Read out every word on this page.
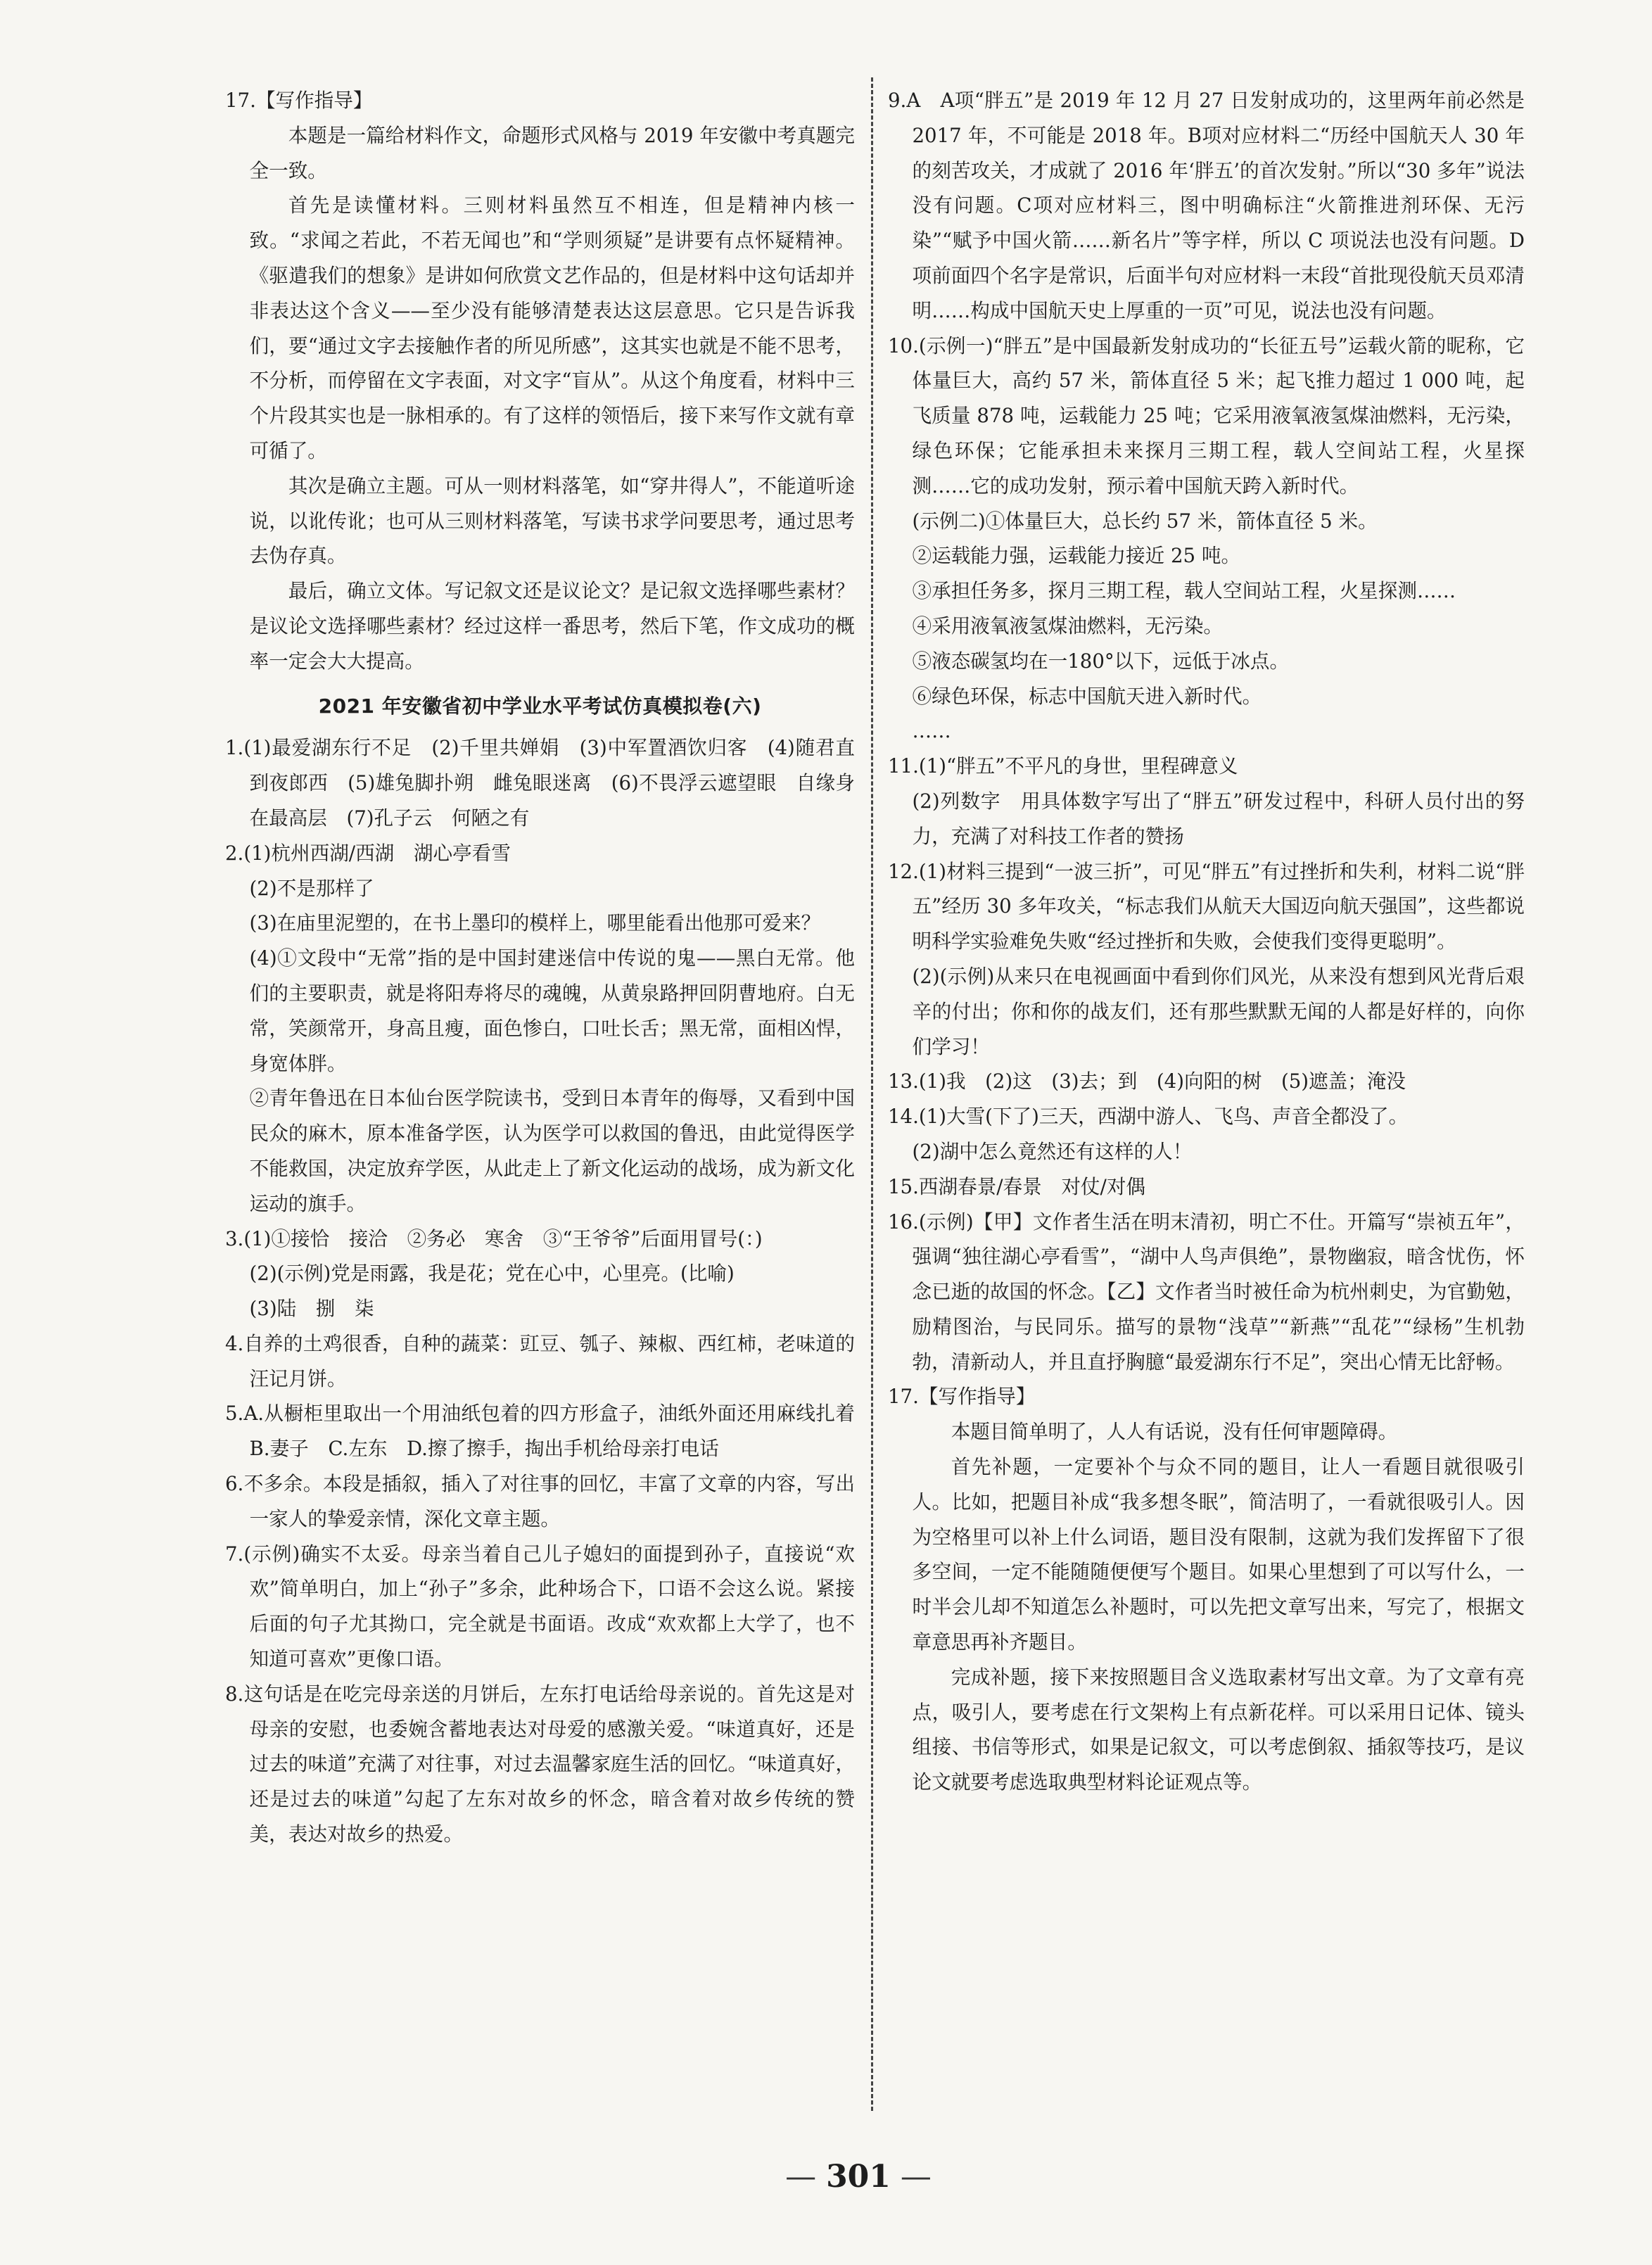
17.【写作指导】

本题是一篇给材料作文，命题形式风格与 2019 年安徽中考真题完全一致。

首先是读懂材料。三则材料虽然互不相连，但是精神内核一致。“求闻之若此，不若无闻也”和“学则须疑”是讲要有点怀疑精神。《驱遣我们的想象》是讲如何欣赏文艺作品的，但是材料中这句话却并非表达这个含义——至少没有能够清楚表达这层意思。它只是告诉我们，要“通过文字去接触作者的所见所感”，这其实也就是不能不思考，不分析，而停留在文字表面，对文字“盲从”。从这个角度看，材料中三个片段其实也是一脉相承的。有了这样的领悟后，接下来写作文就有章可循了。

其次是确立主题。可从一则材料落笔，如“穿井得人”，不能道听途说，以讹传讹；也可从三则材料落笔，写读书求学问要思考，通过思考去伪存真。

最后，确立文体。写记叙文还是议论文？是记叙文选择哪些素材？是议论文选择哪些素材？经过这样一番思考，然后下笔，作文成功的概率一定会大大提高。

2021 年安徽省初中学业水平考试仿真模拟卷(六)

1.(1)最爱湖东行不足　(2)千里共婵娟　(3)中军置酒饮归客　(4)随君直到夜郎西　(5)雄兔脚扑朔　雌兔眼迷离　(6)不畏浮云遮望眼　自缘身在最高层　(7)孔子云　何陋之有

2.(1)杭州西湖/西湖　湖心亭看雪

(2)不是那样了

(3)在庙里泥塑的，在书上墨印的模样上，哪里能看出他那可爱来？

(4)①文段中“无常”指的是中国封建迷信中传说的鬼——黑白无常。他们的主要职责，就是将阳寿将尽的魂魄，从黄泉路押回阴曹地府。白无常，笑颜常开，身高且瘦，面色惨白，口吐长舌；黑无常，面相凶悍，身宽体胖。

②青年鲁迅在日本仙台医学院读书，受到日本青年的侮辱，又看到中国民众的麻木，原本准备学医，认为医学可以救国的鲁迅，由此觉得医学不能救国，决定放弃学医，从此走上了新文化运动的战场，成为新文化运动的旗手。

3.(1)①接恰　接洽　②务必　寒舍　③“王爷爷”后面用冒号(：)

(2)(示例)党是雨露，我是花；党在心中，心里亮。(比喻)

(3)陆　捌　柒

4.自养的土鸡很香，自种的蔬菜：豇豆、瓠子、辣椒、西红柿，老味道的汪记月饼。

5.A.从橱柜里取出一个用油纸包着的四方形盒子，油纸外面还用麻线扎着　B.妻子　C.左东　D.擦了擦手，掏出手机给母亲打电话

6.不多余。本段是插叙，插入了对往事的回忆，丰富了文章的内容，写出一家人的挚爱亲情，深化文章主题。

7.(示例)确实不太妥。母亲当着自己儿子媳妇的面提到孙子，直接说“欢欢”简单明白，加上“孙子”多余，此种场合下，口语不会这么说。紧接后面的句子尤其拗口，完全就是书面语。改成“欢欢都上大学了，也不知道可喜欢”更像口语。

8.这句话是在吃完母亲送的月饼后，左东打电话给母亲说的。首先这是对母亲的安慰，也委婉含蓄地表达对母爱的感激关爱。“味道真好，还是过去的味道”充满了对往事，对过去温馨家庭生活的回忆。“味道真好，还是过去的味道”勾起了左东对故乡的怀念，暗含着对故乡传统的赞美，表达对故乡的热爱。

9.A　A项“胖五”是 2019 年 12 月 27 日发射成功的，这里两年前必然是 2017 年，不可能是 2018 年。B项对应材料二“历经中国航天人 30 年的刻苦攻关，才成就了 2016 年‘胖五’的首次发射。”所以“30 多年”说法没有问题。C项对应材料三，图中明确标注“火箭推进剂环保、无污染”“赋予中国火箭……新名片”等字样，所以 C 项说法也没有问题。D项前面四个名字是常识，后面半句对应材料一末段“首批现役航天员邓清明……构成中国航天史上厚重的一页”可见，说法也没有问题。

10.(示例一)“胖五”是中国最新发射成功的“长征五号”运载火箭的昵称，它体量巨大，高约 57 米，箭体直径 5 米；起飞推力超过 1 000 吨，起飞质量 878 吨，运载能力 25 吨；它采用液氧液氢煤油燃料，无污染，绿色环保；它能承担未来探月三期工程，载人空间站工程，火星探测……它的成功发射，预示着中国航天跨入新时代。

(示例二)①体量巨大，总长约 57 米，箭体直径 5 米。

②运载能力强，运载能力接近 25 吨。

③承担任务多，探月三期工程，载人空间站工程，火星探测……

④采用液氧液氢煤油燃料，无污染。

⑤液态碳氢均在一180°以下，远低于冰点。

⑥绿色环保，标志中国航天进入新时代。

……

11.(1)“胖五”不平凡的身世，里程碑意义

(2)列数字　用具体数字写出了“胖五”研发过程中，科研人员付出的努力，充满了对科技工作者的赞扬

12.(1)材料三提到“一波三折”，可见“胖五”有过挫折和失利，材料二说“胖五”经历 30 多年攻关，“标志我们从航天大国迈向航天强国”，这些都说明科学实验难免失败“经过挫折和失败，会使我们变得更聪明”。

(2)(示例)从来只在电视画面中看到你们风光，从来没有想到风光背后艰辛的付出；你和你的战友们，还有那些默默无闻的人都是好样的，向你们学习！

13.(1)我　(2)这　(3)去；到　(4)向阳的树　(5)遮盖；淹没

14.(1)大雪(下了)三天，西湖中游人、飞鸟、声音全都没了。

(2)湖中怎么竟然还有这样的人！

15.西湖春景/春景　对仗/对偶

16.(示例)【甲】文作者生活在明末清初，明亡不仕。开篇写“崇祯五年”，强调“独往湖心亭看雪”，“湖中人鸟声俱绝”，景物幽寂，暗含忧伤，怀念已逝的故国的怀念。【乙】文作者当时被任命为杭州刺史，为官勤勉，励精图治，与民同乐。描写的景物“浅草”“新燕”“乱花”“绿杨”生机勃勃，清新动人，并且直抒胸臆“最爱湖东行不足”，突出心情无比舒畅。

17.【写作指导】

本题目简单明了，人人有话说，没有任何审题障碍。

首先补题，一定要补个与众不同的题目，让人一看题目就很吸引人。比如，把题目补成“我多想冬眠”，简洁明了，一看就很吸引人。因为空格里可以补上什么词语，题目没有限制，这就为我们发挥留下了很多空间，一定不能随随便便写个题目。如果心里想到了可以写什么，一时半会儿却不知道怎么补题时，可以先把文章写出来，写完了，根据文章意思再补齐题目。

完成补题，接下来按照题目含义选取素材写出文章。为了文章有亮点，吸引人，要考虑在行文架构上有点新花样。可以采用日记体、镜头组接、书信等形式，如果是记叙文，可以考虑倒叙、插叙等技巧，是议论文就要考虑选取典型材料论证观点等。

— 301 —
